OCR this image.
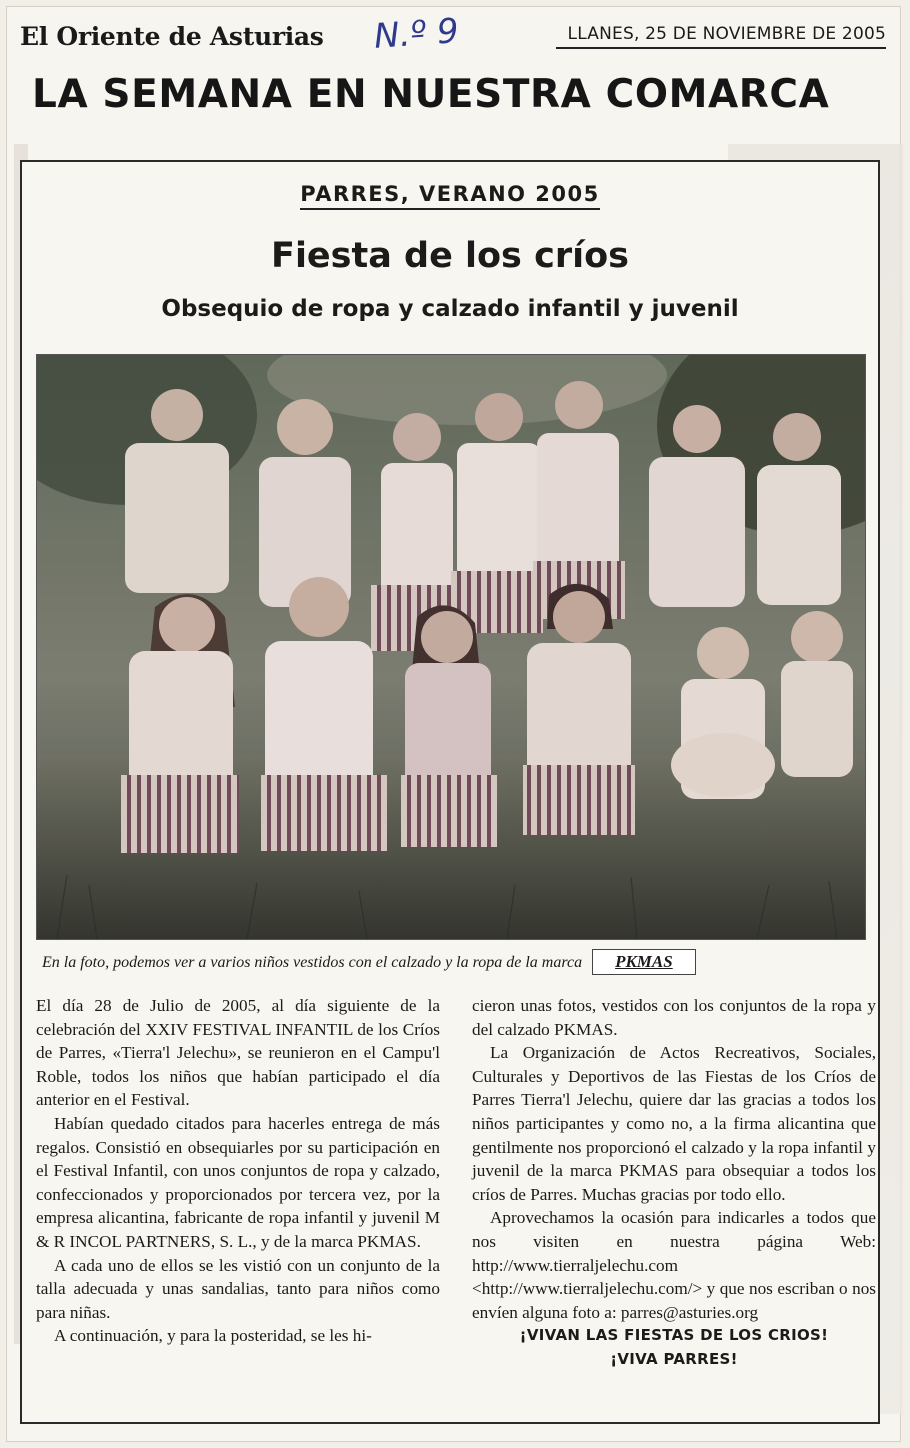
El Oriente de Asturias N.º 9	LLANES, 25 DE NOVIEMBRE DE 2005
LA SEMANA EN NUESTRA COMARCA
PARRES, VERANO 2005
Fiesta de los críos
Obsequio de ropa y calzado infantil y juvenil
En la foto, podemos ver a varios niños vestidos con el calzado y la ropa de la marca PKMAS

El día 28 de Julio de 2005, al día siguiente de la celebración del XXIV FESTIVAL INFANTIL de los Críos de Parres, «Tierra'l Jelechu», se reunieron en el Campu'l Roble, todos los niños que habían participado el día anterior en el Festival.

Habían quedado citados para hacerles entrega de más regalos. Consistió en obsequiarles por su participación en el Festival Infantil, con unos conjuntos de ropa y calzado, confeccionados y proporcionados por tercera vez, por la empresa alicantina, fabricante de ropa infantil y juvenil M & R INCOL PARTNERS, S. L., y de la marca PKMAS.

A cada uno de ellos se les vistió con un conjunto de la talla adecuada y unas sandalias, tanto para niños como para niñas.

A continuación, y para la posteridad, se les hi-

cieron unas fotos, vestidos con los conjuntos de la ropa y del calzado PKMAS.

La Organización de Actos Recreativos, Sociales, Culturales y Deportivos de las Fiestas de los Críos de Parres Tierra'l Jelechu, quiere dar las gracias a todos los niños participantes y como no, a la firma alicantina que gentilmente nos proporcionó el calzado y la ropa infantil y juvenil de la marca PKMAS para obsequiar a todos los críos de Parres. Muchas gracias por todo ello.

Aprovechamos la ocasión para indicarles a todos que nos visiten en nuestra página Web: http://www.tierraljelechu.com <http://www.tierraljelechu.com/> y que nos escriban o nos envíen alguna foto a: parres@asturies.org

¡VIVAN LAS FIESTAS DE LOS CRIOS!

¡VIVA PARRES!
